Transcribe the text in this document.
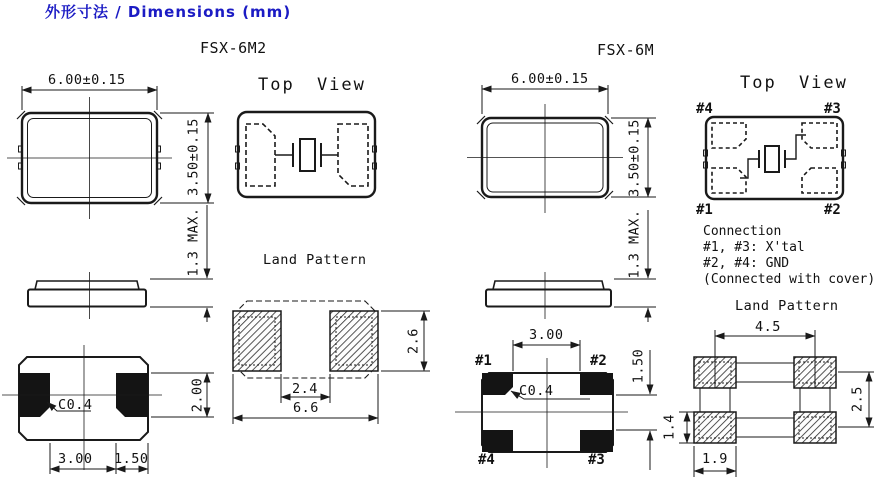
外形寸法 / Dimensions (mm)
FSX-6M2	FSX-6M
Top View	Top View
6.00±0.15
3.50±0.15
1.3 MAX.
C0.4	2.00
3.00 1.50
Land Pattern
2.4
6.6
2.6
6.00±0.15
3.50±0.15
1.3 MAX.
3.00
C0.4
1.50
#1	#2
#4	#3
#4	#3
#1	#2
Connection
#1, #3: X'tal
#2, #4: GND
(Connected with cover)
Land Pattern
4.5
2.5
1.4
1.9
